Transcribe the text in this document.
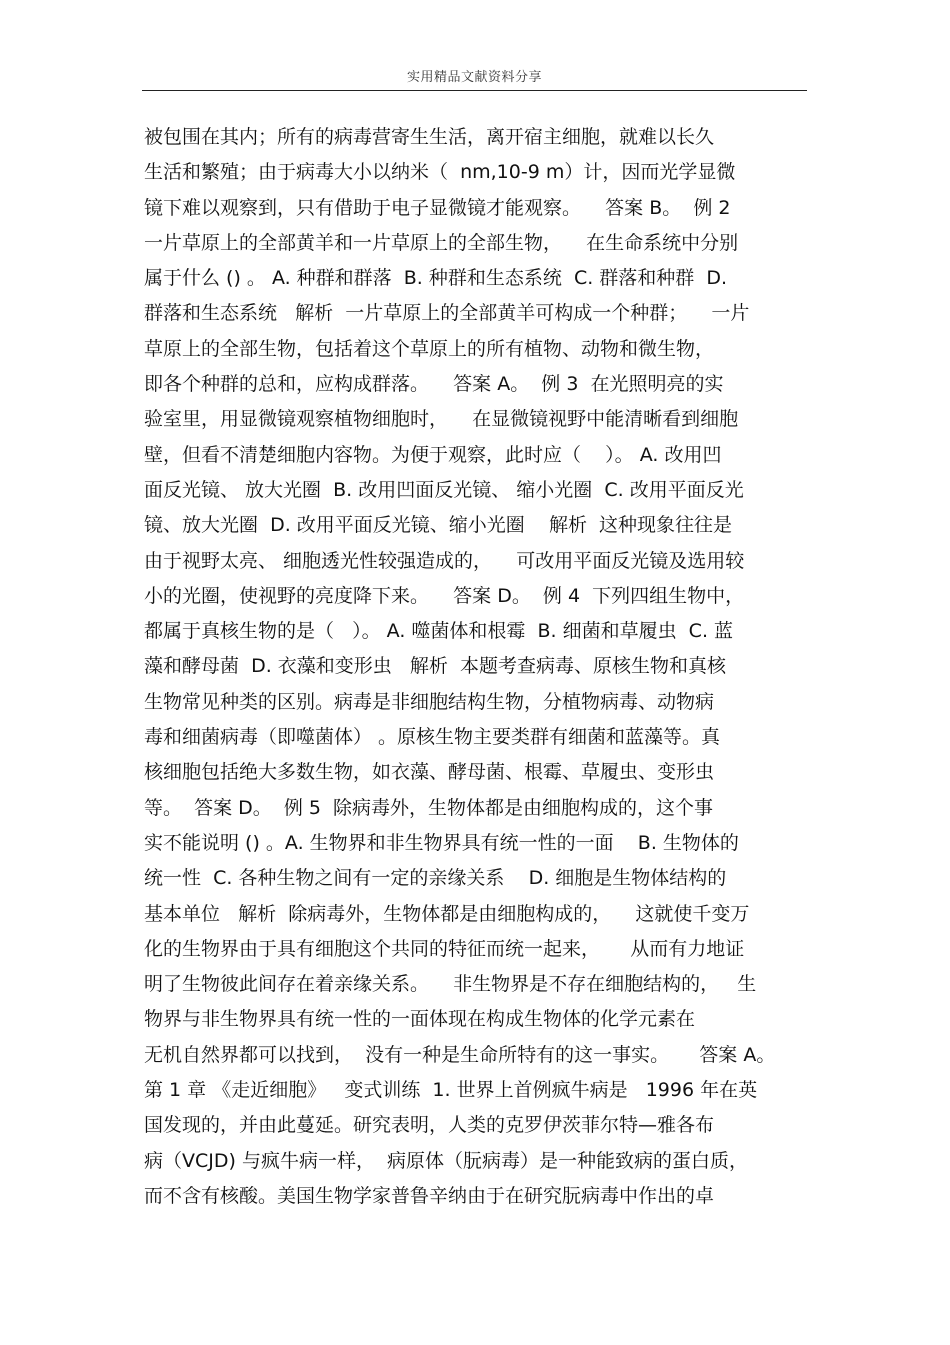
实用精品文献资料分享
被包围在其内；所有的病毒营寄生生活，离开宿主细胞，就难以长久
生活和繁殖；由于病毒大小以纳米（  nm,10-9 m）计，因而光学显微
镜下难以观察到，只有借助于电子显微镜才能观察。    答案 B。  例 2
一片草原上的全部黄羊和一片草原上的全部生物，    在生命系统中分别
属于什么 () 。 A. 种群和群落  B. 种群和生态系统  C. 群落和种群  D.
群落和生态系统   解析  一片草原上的全部黄羊可构成一个种群；    一片
草原上的全部生物，包括着这个草原上的所有植物、动物和微生物，
即各个种群的总和，应构成群落。    答案 A。  例 3  在光照明亮的实
验室里，用显微镜观察植物细胞时，    在显微镜视野中能清晰看到细胞
壁，但看不清楚细胞内容物。为便于观察，此时应（    ）。 A. 改用凹
面反光镜、 放大光圈  B. 改用凹面反光镜、 缩小光圈  C. 改用平面反光
镜、放大光圈  D. 改用平面反光镜、缩小光圈    解析  这种现象往往是
由于视野太亮、 细胞透光性较强造成的，    可改用平面反光镜及选用较
小的光圈，使视野的亮度降下来。    答案 D。  例 4  下列四组生物中，
都属于真核生物的是（   ）。 A. 噬菌体和根霉  B. 细菌和草履虫  C. 蓝
藻和酵母菌  D. 衣藻和变形虫   解析  本题考查病毒、原核生物和真核
生物常见种类的区别。病毒是非细胞结构生物，分植物病毒、动物病
毒和细菌病毒（即噬菌体） 。原核生物主要类群有细菌和蓝藻等。真
核细胞包括绝大多数生物，如衣藻、酵母菌、根霉、草履虫、变形虫
等。  答案 D。  例 5  除病毒外，生物体都是由细胞构成的，这个事
实不能说明 () 。A. 生物界和非生物界具有统一性的一面    B. 生物体的
统一性  C. 各种生物之间有一定的亲缘关系    D. 细胞是生物体结构的
基本单位   解析  除病毒外，生物体都是由细胞构成的，    这就使千变万
化的生物界由于具有细胞这个共同的特征而统一起来，     从而有力地证
明了生物彼此间存在着亲缘关系。    非生物界是不存在细胞结构的，   生
物界与非生物界具有统一性的一面体现在构成生物体的化学元素在
无机自然界都可以找到，  没有一种是生命所特有的这一事实。     答案 A。
第 1 章 《走近细胞》   变式训练  1. 世界上首例疯牛病是   1996 年在英
国发现的，并由此蔓延。研究表明，人类的克罗伊茨菲尔特—雅各布
病（VCJD) 与疯牛病一样，  病原体（朊病毒）是一种能致病的蛋白质，
而不含有核酸。美国生物学家普鲁辛纳由于在研究朊病毒中作出的卓
